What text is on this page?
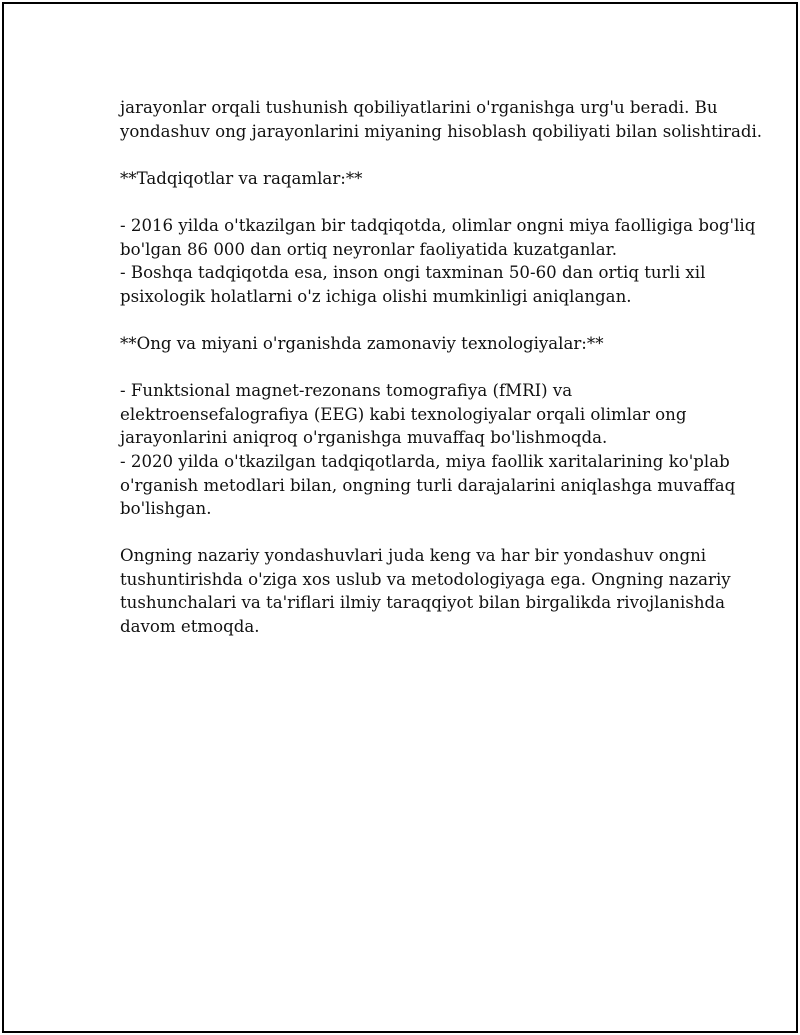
jarayonlar orqali tushunish qobiliyatlarini o'rganishga urg'u beradi. Bu
yondashuv ong jarayonlarini miyaning hisoblash qobiliyati bilan solishtiradi.

**Tadqiqotlar va raqamlar:**

- 2016 yilda o'tkazilgan bir tadqiqotda, olimlar ongni miya faolligiga bog'liq
bo'lgan 86 000 dan ortiq neyronlar faoliyatida kuzatganlar.
- Boshqa tadqiqotda esa, inson ongi taxminan 50-60 dan ortiq turli xil
psixologik holatlarni o'z ichiga olishi mumkinligi aniqlangan.

**Ong va miyani o'rganishda zamonaviy texnologiyalar:**

- Funktsional magnet-rezonans tomografiya (fMRI) va
elektroensefalografiya (EEG) kabi texnologiyalar orqali olimlar ong
jarayonlarini aniqroq o'rganishga muvaffaq bo'lishmoqda.
- 2020 yilda o'tkazilgan tadqiqotlarda, miya faollik xaritalarining ko'plab
o'rganish metodlari bilan, ongning turli darajalarini aniqlashga muvaffaq
bo'lishgan.

Ongning nazariy yondashuvlari juda keng va har bir yondashuv ongni
tushuntirishda o'ziga xos uslub va metodologiyaga ega. Ongning nazariy
tushunchalari va ta'riflari ilmiy taraqqiyot bilan birgalikda rivojlanishda
davom etmoqda.
